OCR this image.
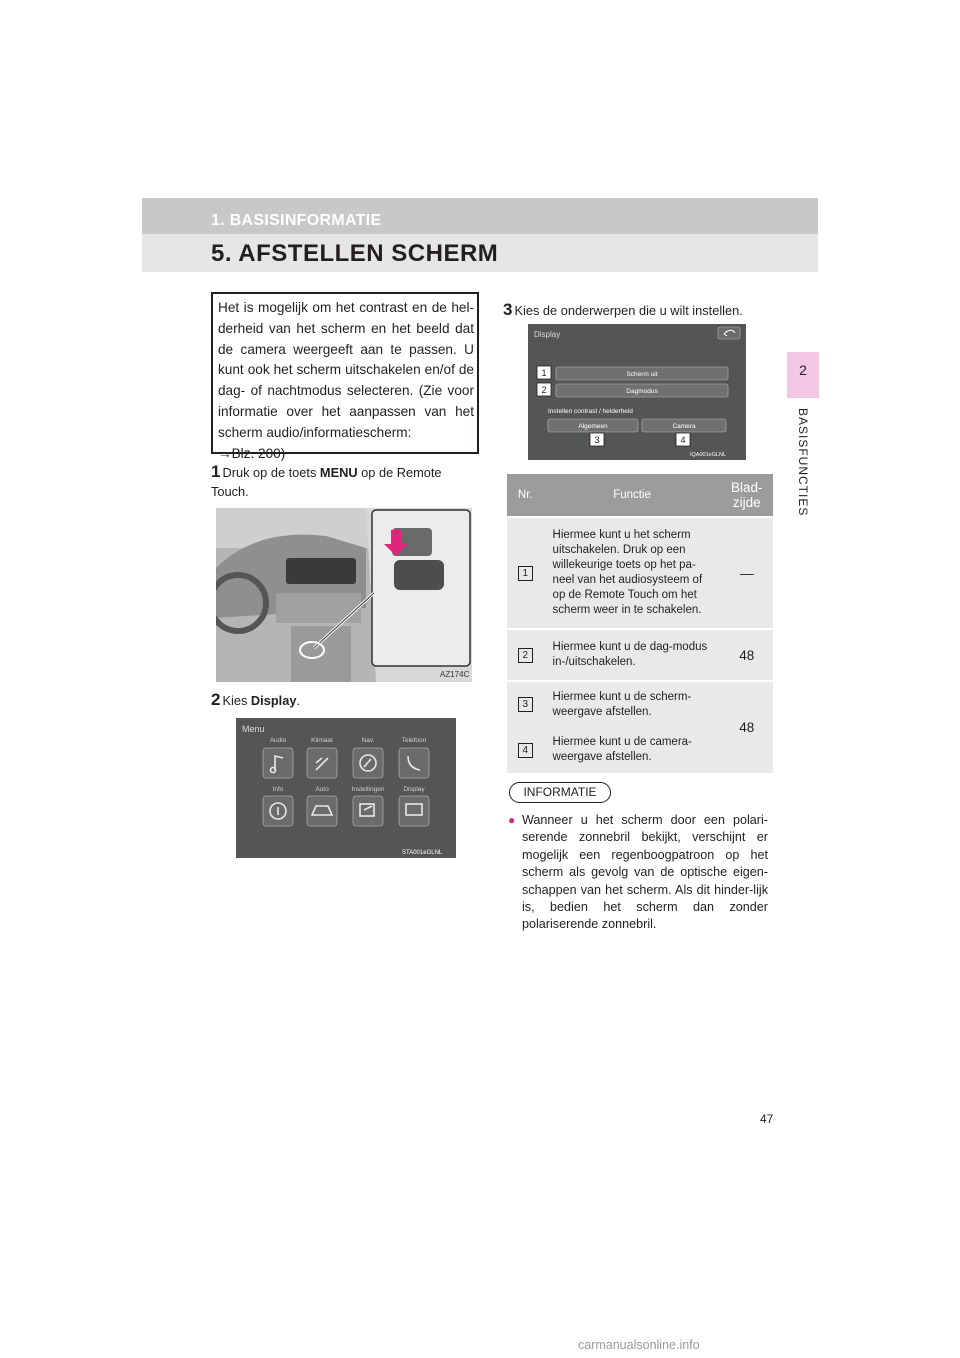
1. BASISINFORMATIE
5. AFSTELLEN SCHERM
2
BASISFUNCTIES

Het is mogelijk om het contrast en de hel-derheid van het scherm en het beeld dat de camera weergeeft aan te passen. U kunt ook het scherm uitschakelen en/of de dag- of nachtmodus selecteren. (Zie voor informatie over het aanpassen van het scherm audio/informatiescherm:
→Blz. 200)

1 Druk op de toets MENU op de Remote Touch.
AZ174C
2 Kies Display.
Menu
Audio	Klimaat	Nav.	Telefoon
Info	Auto	Instellingen	Display
STA001eGLNL
3 Kies de onderwerpen die u wilt instellen.
Display
Scherm uit
Dagmodus
Instellen contrast / helderheid
Algemeen	Camera
1
2
3	4
IQA001eGLNL
Nr.	Functie	Blad-
zijde
1	Hiermee kunt u het scherm uitschakelen. Druk op een willekeurige toets op het pa-neel van het audiosysteem of op de Remote Touch om het scherm weer in te schakelen.	—
2	Hiermee kunt u de dag-modus in-/uitschakelen.	48
3	Hiermee kunt u de scherm-weergave afstellen.	48
4	Hiermee kunt u de camera-weergave afstellen.	
INFORMATIE
● Wanneer u het scherm door een polari-serende zonnebril bekijkt, verschijnt er mogelijk een regenboogpatroon op het scherm als gevolg van de optische eigen-schappen van het scherm. Als dit hinder-lijk is, bedien het scherm dan zonder polariserende zonnebril.

47
carmanualsonline.info
